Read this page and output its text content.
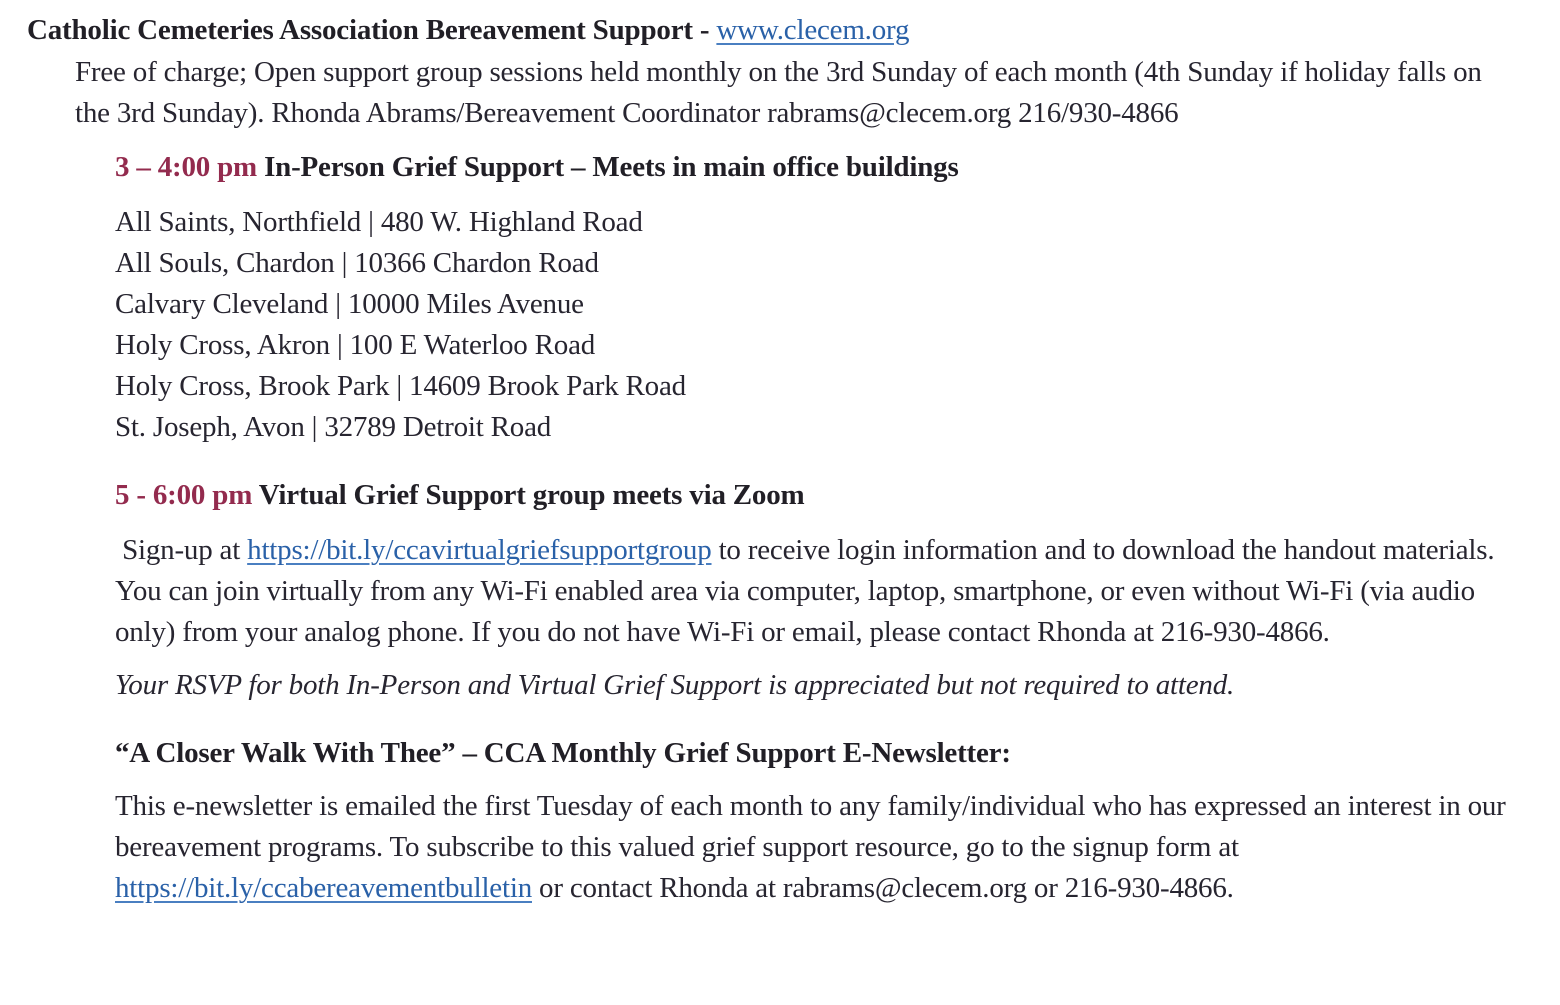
Catholic Cemeteries Association Bereavement Support - www.clecem.org
Free of charge; Open support group sessions held monthly on the 3rd Sunday of each month (4th Sunday if holiday falls on the 3rd Sunday). Rhonda Abrams/Bereavement Coordinator rabrams@clecem.org 216/930-4866
3 – 4:00 pm In-Person Grief Support – Meets in main office buildings
All Saints, Northfield | 480 W. Highland Road
All Souls, Chardon | 10366 Chardon Road
Calvary Cleveland | 10000 Miles Avenue
Holy Cross, Akron | 100 E Waterloo Road
Holy Cross, Brook Park | 14609 Brook Park Road
St. Joseph, Avon | 32789 Detroit Road
5 - 6:00 pm Virtual Grief Support group meets via Zoom
Sign-up at https://bit.ly/ccavirtualgriefsupportgroup to receive login information and to download the handout materials. You can join virtually from any Wi-Fi enabled area via computer, laptop, smartphone, or even without Wi-Fi (via audio only) from your analog phone. If you do not have Wi-Fi or email, please contact Rhonda at 216-930-4866.
Your RSVP for both In-Person and Virtual Grief Support is appreciated but not required to attend.
“A Closer Walk With Thee” – CCA Monthly Grief Support E-Newsletter:
This e-newsletter is emailed the first Tuesday of each month to any family/individual who has expressed an interest in our bereavement programs. To subscribe to this valued grief support resource, go to the signup form at https://bit.ly/ccabereavementbulletin or contact Rhonda at rabrams@clecem.org or 216-930-4866.
